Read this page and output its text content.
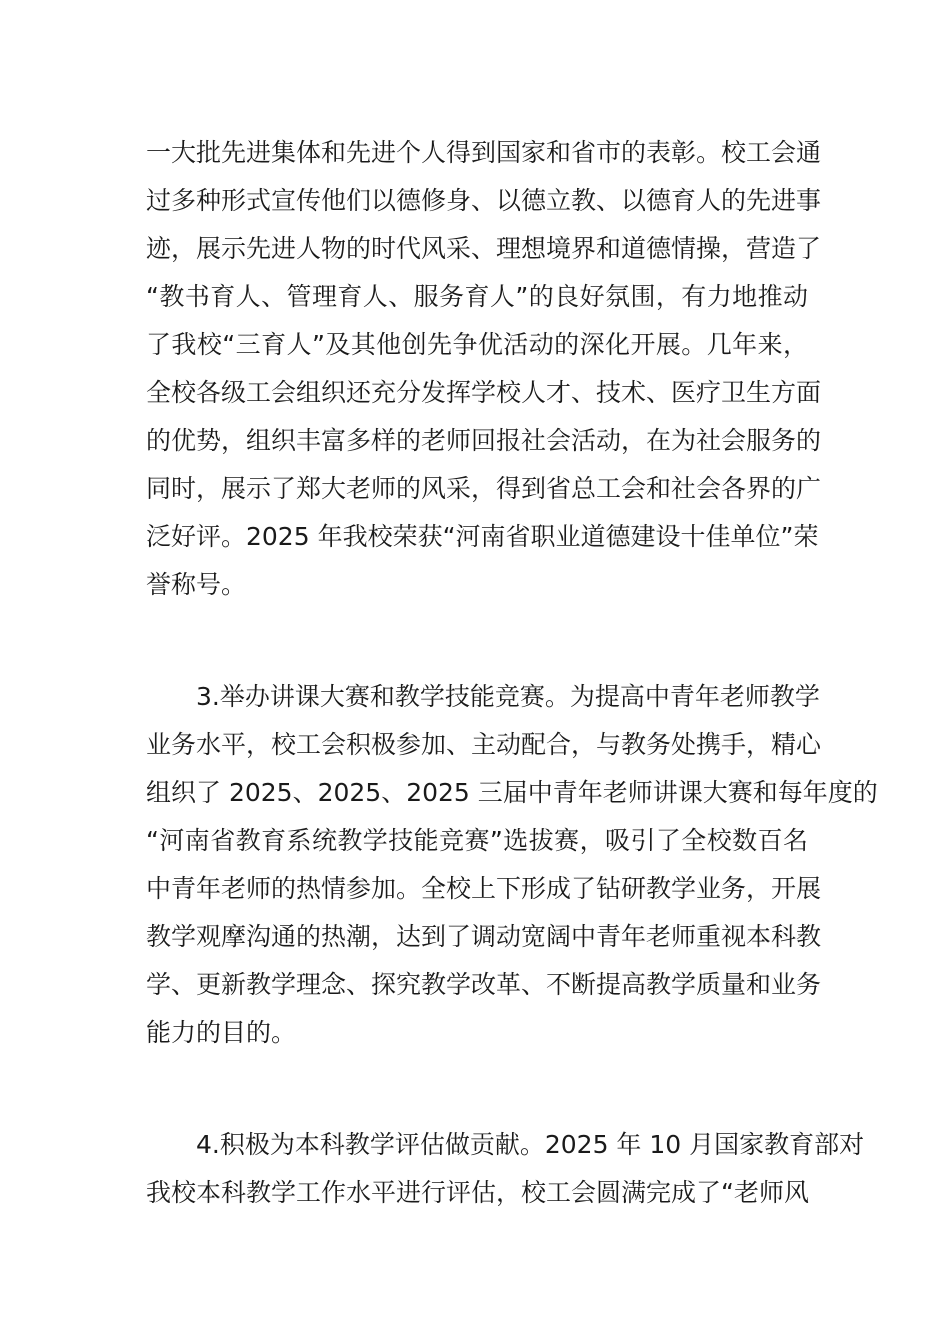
一大批先进集体和先进个人得到国家和省市的表彰。校工会通
过多种形式宣传他们以德修身、以德立教、以德育人的先进事
迹，展示先进人物的时代风采、理想境界和道德情操，营造了
“教书育人、管理育人、服务育人”的良好氛围，有力地推动
了我校“三育人”及其他创先争优活动的深化开展。几年来，
全校各级工会组织还充分发挥学校人才、技术、医疗卫生方面
的优势，组织丰富多样的老师回报社会活动，在为社会服务的
同时，展示了郑大老师的风采，得到省总工会和社会各界的广
泛好评。2025 年我校荣获“河南省职业道德建设十佳单位”荣
誉称号。
3.举办讲课大赛和教学技能竞赛。为提高中青年老师教学
业务水平，校工会积极参加、主动配合，与教务处携手，精心
组织了 2025、2025、2025 三届中青年老师讲课大赛和每年度的
“河南省教育系统教学技能竞赛”选拔赛，吸引了全校数百名
中青年老师的热情参加。全校上下形成了钻研教学业务，开展
教学观摩沟通的热潮，达到了调动宽阔中青年老师重视本科教
学、更新教学理念、探究教学改革、不断提高教学质量和业务
能力的目的。
4.积极为本科教学评估做贡献。2025 年 10 月国家教育部对
我校本科教学工作水平进行评估，校工会圆满完成了“老师风
